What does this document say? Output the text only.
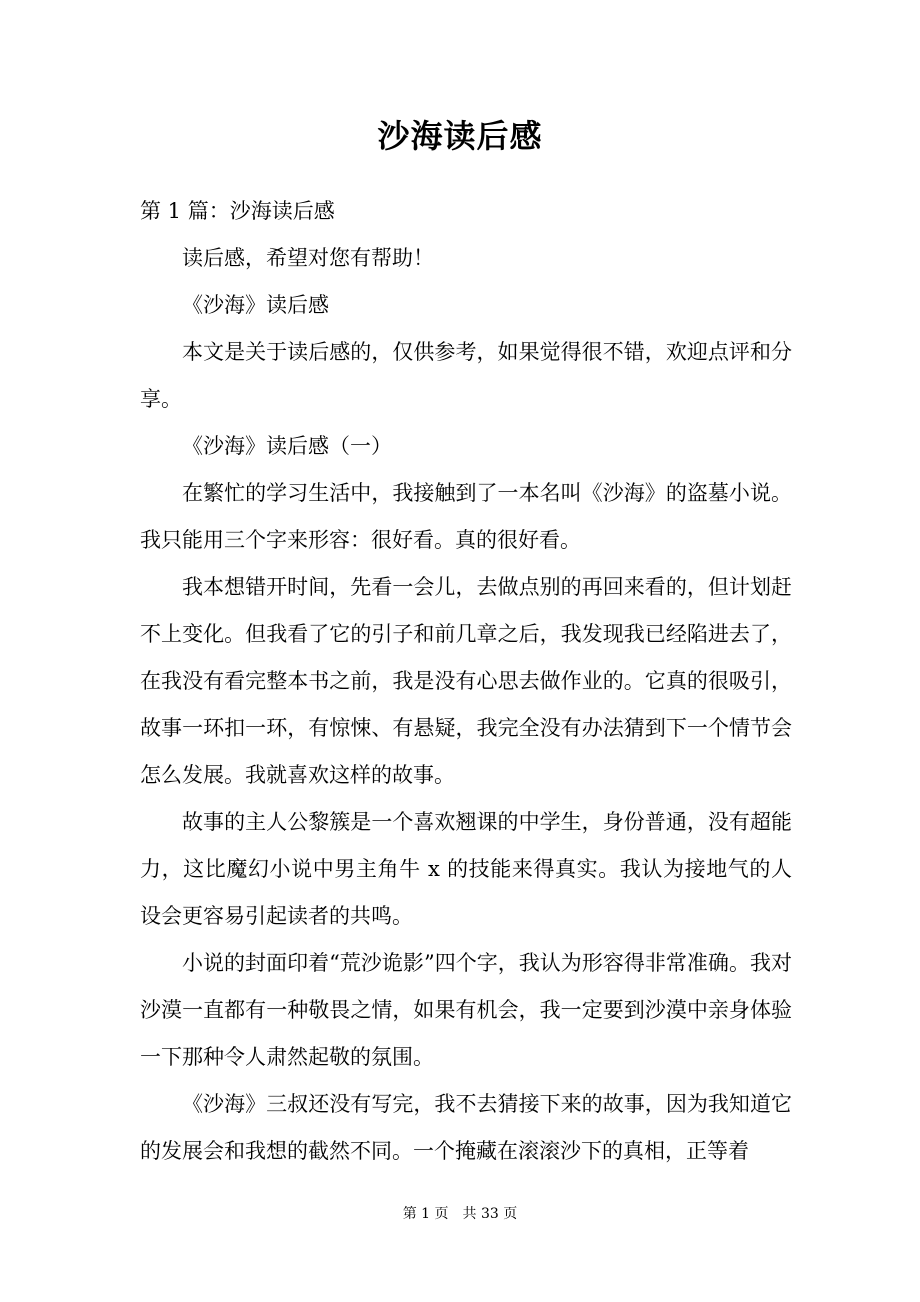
沙海读后感

第 1 篇：沙海读后感

读后感，希望对您有帮助！

《沙海》读后感

本文是关于读后感的，仅供参考，如果觉得很不错，欢迎点评和分享。

《沙海》读后感（一）

在繁忙的学习生活中，我接触到了一本名叫《沙海》的盗墓小说。我只能用三个字来形容：很好看。真的很好看。

我本想错开时间，先看一会儿，去做点别的再回来看的，但计划赶不上变化。但我看了它的引子和前几章之后，我发现我已经陷进去了，在我没有看完整本书之前，我是没有心思去做作业的。它真的很吸引，故事一环扣一环，有惊悚、有悬疑，我完全没有办法猜到下一个情节会怎么发展。我就喜欢这样的故事。

故事的主人公黎簇是一个喜欢翘课的中学生，身份普通，没有超能力，这比魔幻小说中男主角牛 x 的技能来得真实。我认为接地气的人设会更容易引起读者的共鸣。

小说的封面印着“荒沙诡影”四个字，我认为形容得非常准确。我对沙漠一直都有一种敬畏之情，如果有机会，我一定要到沙漠中亲身体验一下那种令人肃然起敬的氛围。

《沙海》三叔还没有写完，我不去猜接下来的故事，因为我知道它的发展会和我想的截然不同。一个掩藏在滚滚沙下的真相，正等着

第 1 页 共 33 页
